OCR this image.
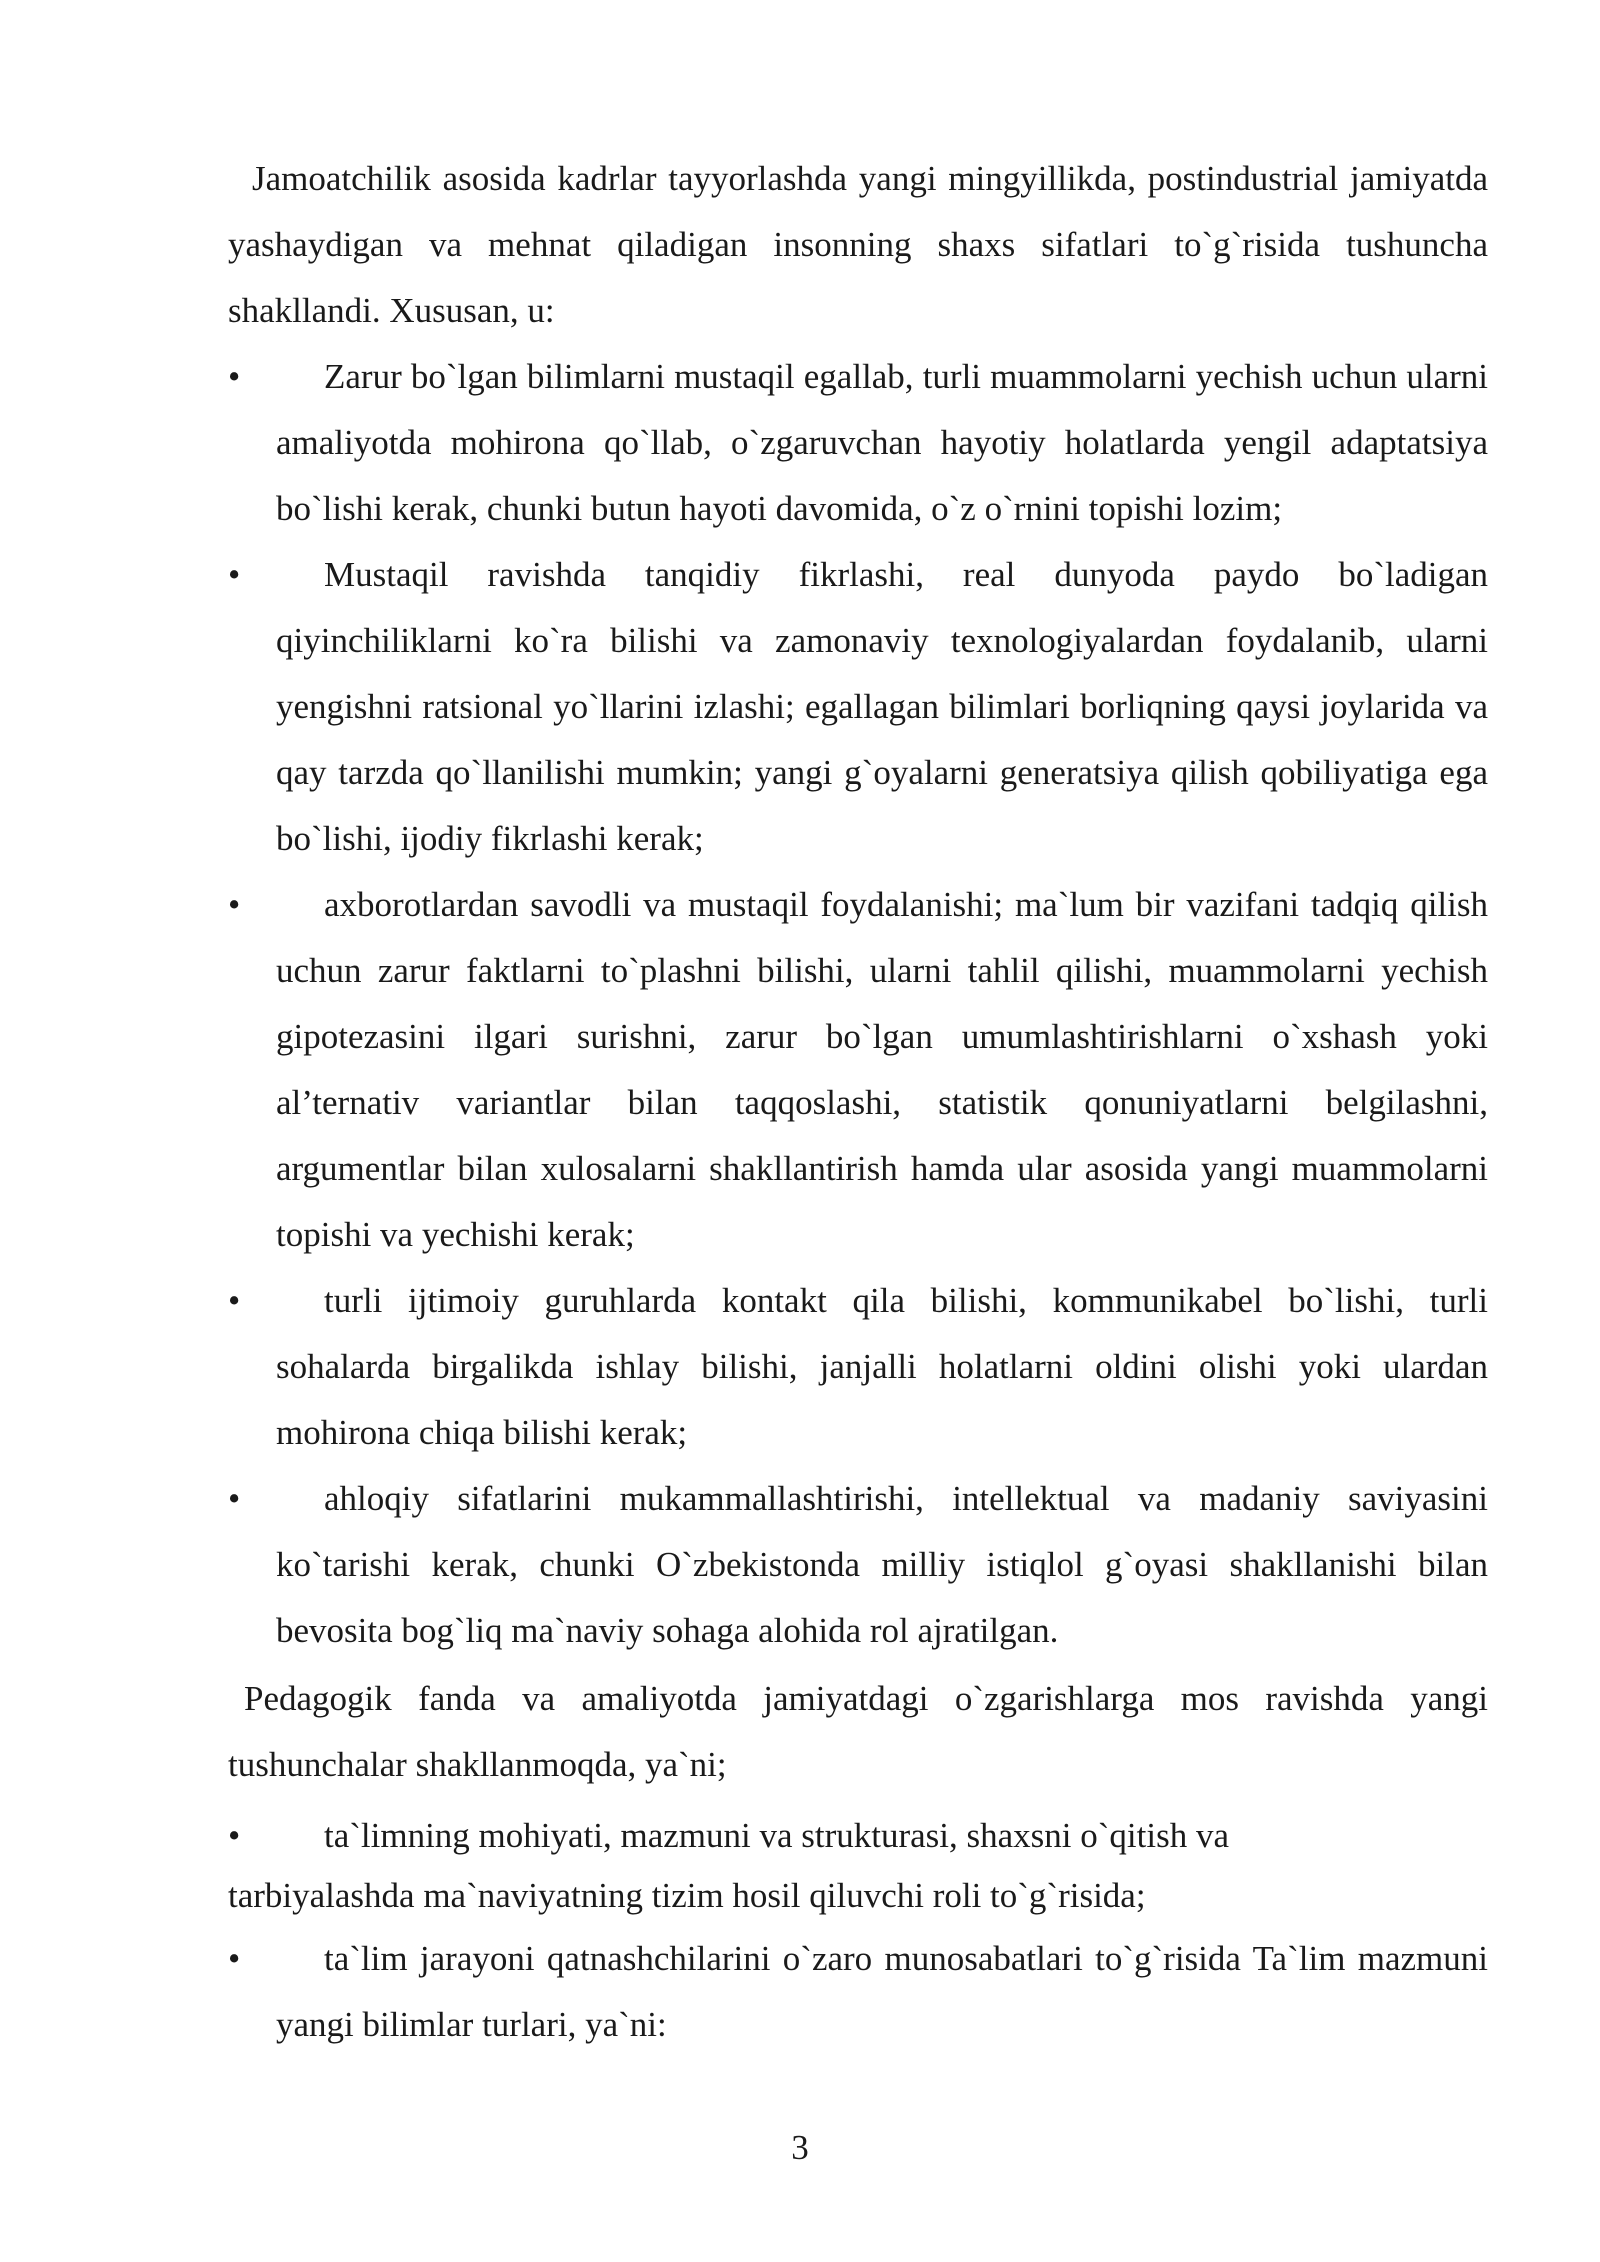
Jamoatchilik asosida kadrlar tayyorlashda yangi mingyillikda, postindustrial jamiyatda yashaydigan va mehnat qiladigan insonning shaxs sifatlari to`g`risida tushuncha shakllandi. Xususan, u:

• Zarur bo`lgan bilimlarni mustaqil egallab, turli muammolarni yechish uchun ularni amaliyotda mohirona qo`llab, o`zgaruvchan hayotiy holatlarda yengil adaptatsiya bo`lishi kerak, chunki butun hayoti davomida, o`z o`rnini topishi lozim;
• Mustaqil ravishda tanqidiy fikrlashi, real dunyoda paydo bo`ladigan qiyinchiliklarni ko`ra bilishi va zamonaviy texnologiyalardan foydalanib, ularni yengishni ratsional yo`llarini izlashi; egallagan bilimlari borliqning qaysi joylarida va qay tarzda qo`llanilishi mumkin; yangi g`oyalarni generatsiya qilish qobiliyatiga ega bo`lishi, ijodiy fikrlashi kerak;
• axborotlardan savodli va mustaqil foydalanishi; ma`lum bir vazifani tadqiq qilish uchun zarur faktlarni to`plashni bilishi, ularni tahlil qilishi, muammolarni yechish gipotezasini ilgari surishni, zarur bo`lgan umumlashtirishlarni o`xshash yoki al’ternativ variantlar bilan taqqoslashi, statistik qonuniyatlarni belgilashni, argumentlar bilan xulosalarni shakllantirish hamda ular asosida yangi muammolarni topishi va yechishi kerak;
• turli ijtimoiy guruhlarda kontakt qila bilishi, kommunikabel bo`lishi, turli sohalarda birgalikda ishlay bilishi, janjalli holatlarni oldini olishi yoki ulardan mohirona chiqa bilishi kerak;
• ahloqiy sifatlarini mukammallashtirishi, intellektual va madaniy saviyasini ko`tarishi kerak, chunki O`zbekistonda milliy istiqlol g`oyasi shakllanishi bilan bevosita bog`liq ma`naviy sohaga alohida rol ajratilgan.

Pedagogik fanda va amaliyotda jamiyatdagi o`zgarishlarga mos ravishda yangi tushunchalar shakllanmoqda, ya`ni;

• ta`limning mohiyati, mazmuni va strukturasi, shaxsni o`qitish va
tarbiyalashda ma`naviyatning tizim hosil qiluvchi roli to`g`risida;
• ta`lim jarayoni qatnashchilarini o`zaro munosabatlari to`g`risida Ta`lim mazmuni yangi bilimlar turlari, ya`ni:
3
